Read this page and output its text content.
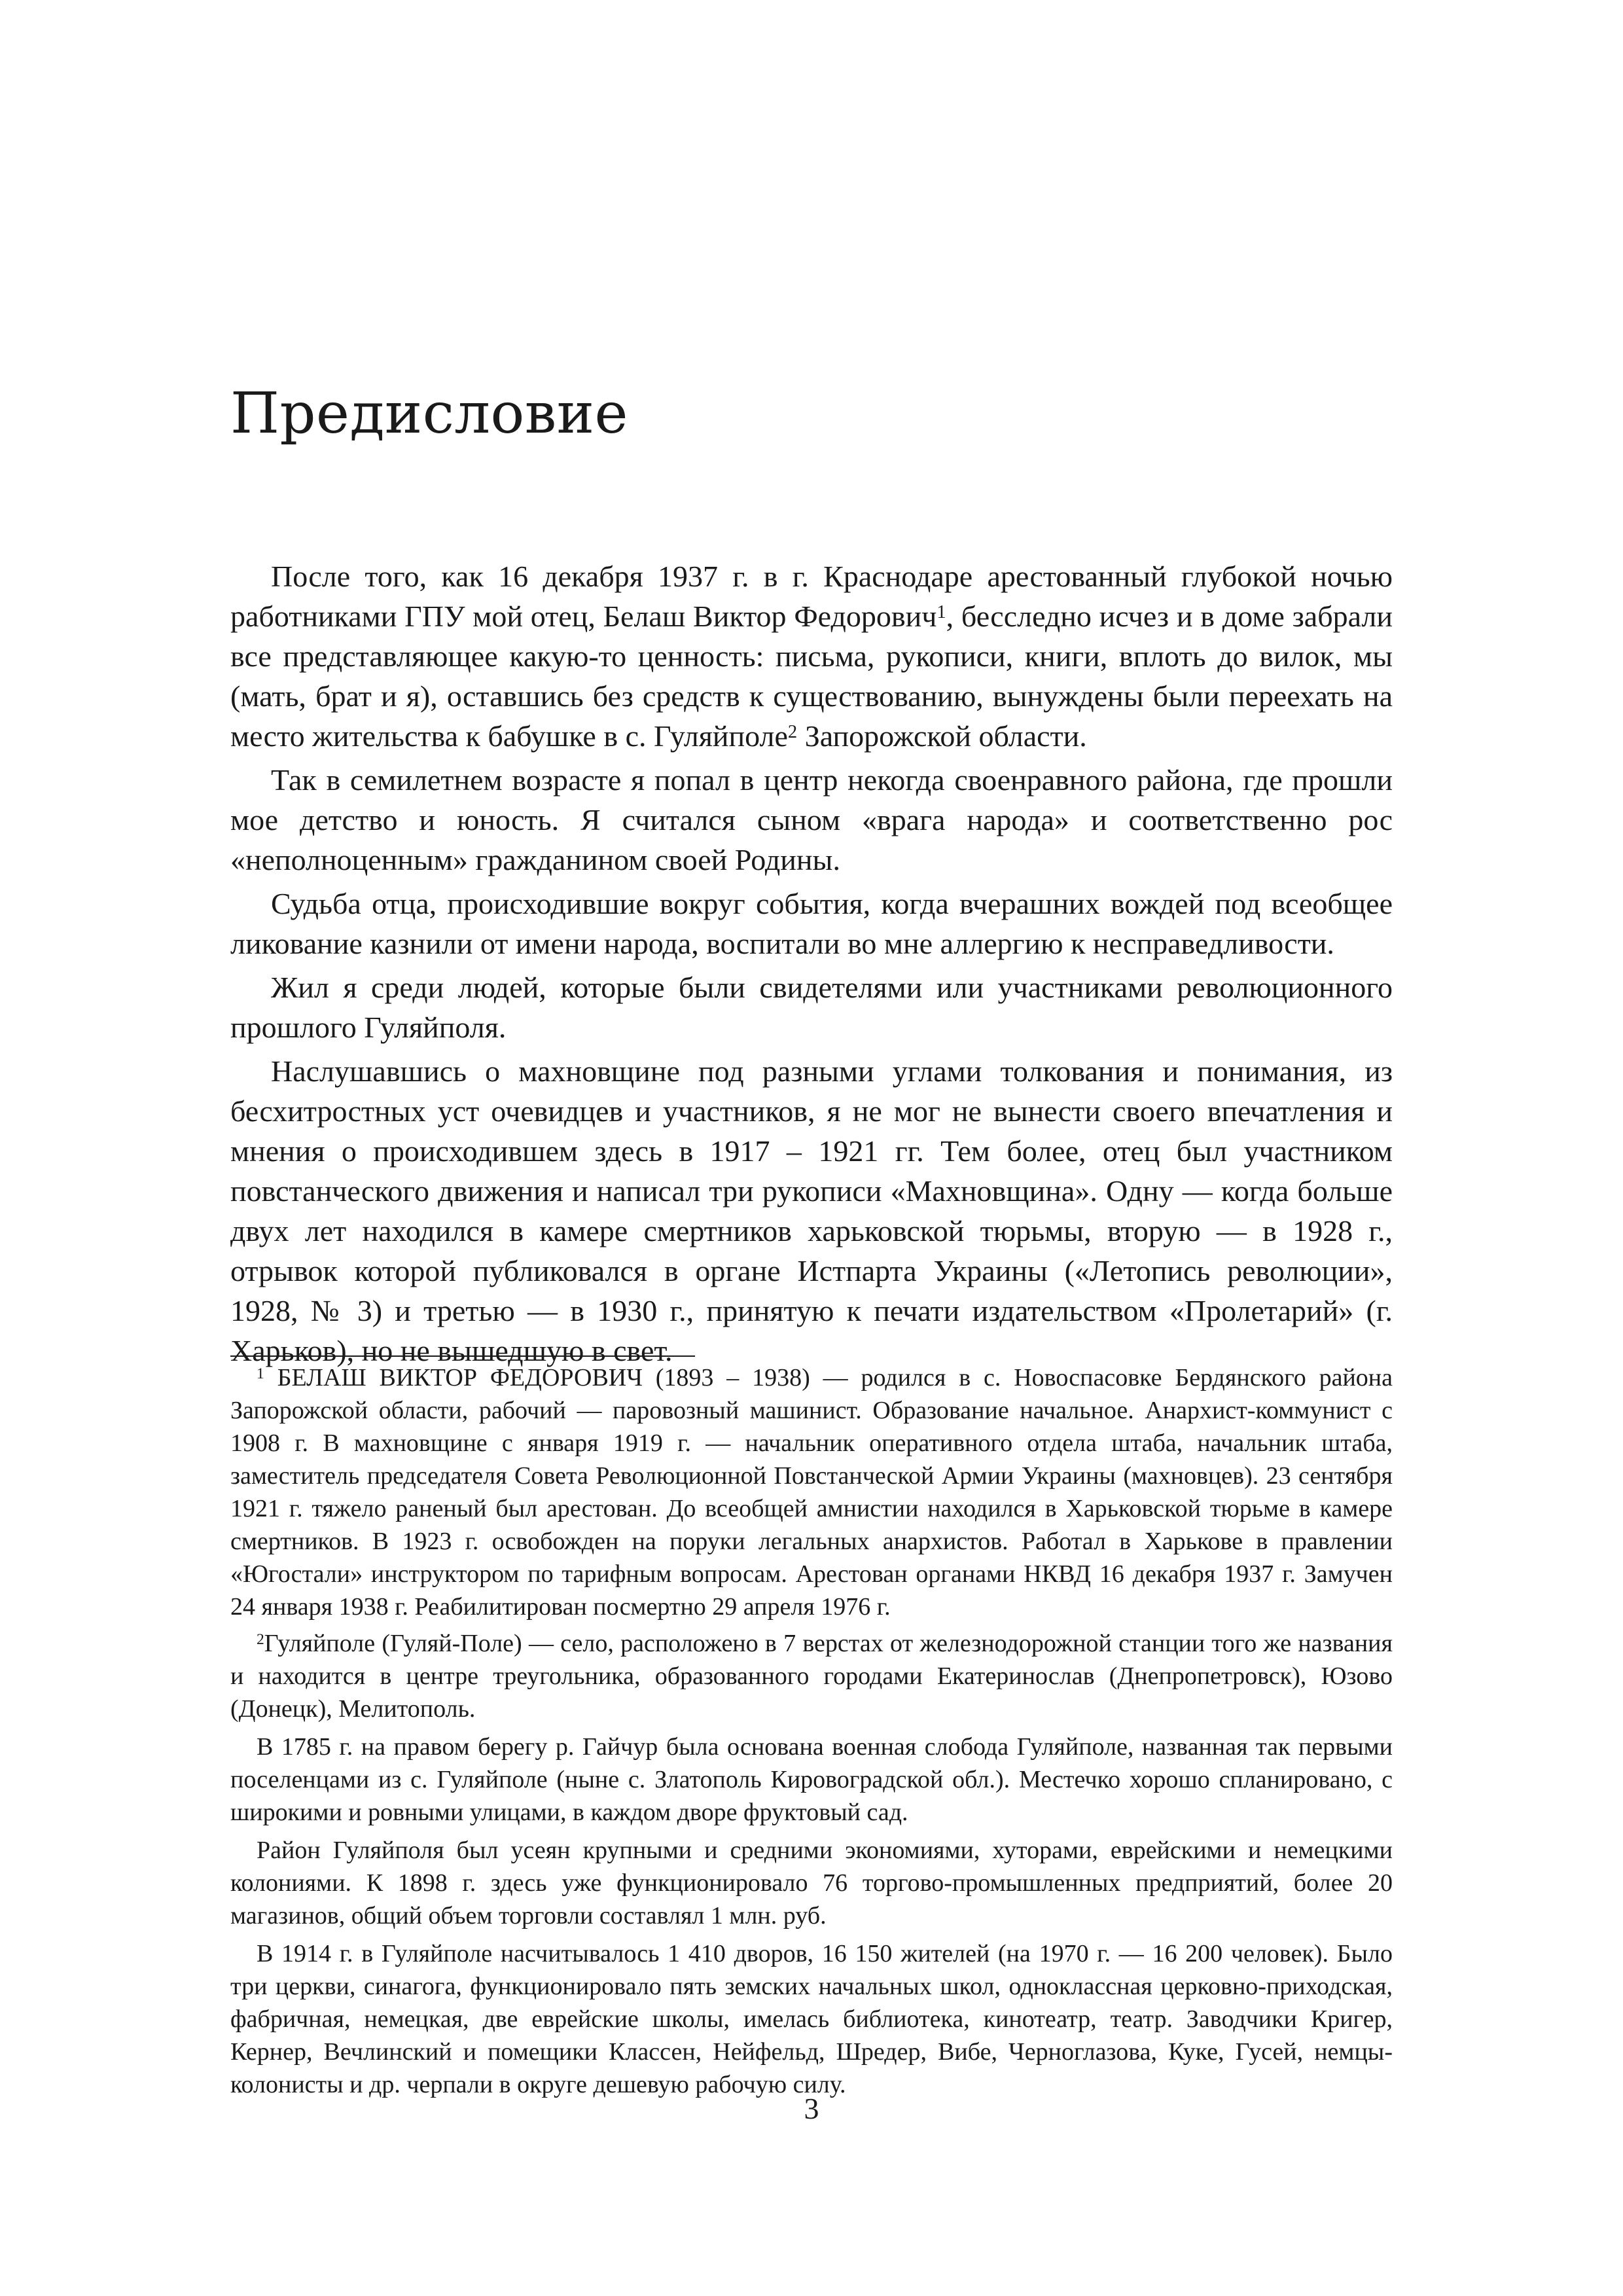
Предисловие

После того, как 16 декабря 1937 г. в г. Краснодаре арестованный глубокой ночью работниками ГПУ мой отец, Белаш Виктор Федорович$^1$, бесследно исчез и в доме забрали все представляющее какую-то ценность: письма, рукописи, книги, вплоть до вилок, мы (мать, брат и я), оставшись без средств к существованию, вынуждены были переехать на место жительства к бабушке в с. Гуляйполе$^2$ Запорожской области.

Так в семилетнем возрасте я попал в центр некогда своенравного района, где прошли мое детство и юность. Я считался сыном «врага народа» и соответственно рос «неполноценным» гражданином своей Родины.

Судьба отца, происходившие вокруг события, когда вчерашних вождей под всеобщее ликование казнили от имени народа, воспитали во мне аллергию к несправедливости.

Жил я среди людей, которые были свидетелями или участниками революционного прошлого Гуляйполя.

Наслушавшись о махновщине под разными углами толкования и понимания, из бесхитростных уст очевидцев и участников, я не мог не вынести своего впечатления и мнения о происходившем здесь в 1917 – 1921 гг. Тем более, отец был участником повстанческого движения и написал три рукописи «Махновщина». Одну — когда больше двух лет находился в камере смертников харьковской тюрьмы, вторую — в 1928 г., отрывок которой публиковался в органе Истпарта Украины («Летопись революции», 1928, № 3) и третью — в 1930 г., принятую к печати издательством «Пролетарий» (г. Харьков), но не вышедшую в свет.

$^1$ БЕЛАШ ВИКТОР ФЕДОРОВИЧ (1893 – 1938) — родился в с. Новоспасовке Бердянского района Запорожской области, рабочий — паровозный машинист. Образование начальное. Анархист-коммунист с 1908 г. В махновщине с января 1919 г. — начальник оперативного отдела штаба, начальник штаба, заместитель председателя Совета Революционной Повстанческой Армии Украины (махновцев). 23 сентября 1921 г. тяжело раненый был арестован. До всеобщей амнистии находился в Харьковской тюрьме в камере смертников. В 1923 г. освобожден на поруки легальных анархистов. Работал в Харькове в правлении «Югостали» инструктором по тарифным вопросам. Арестован органами НКВД 16 декабря 1937 г. Замучен 24 января 1938 г. Реабилитирован посмертно 29 апреля 1976 г.

$^2$Гуляйполе (Гуляй-Поле) — село, расположено в 7 верстах от железнодорожной станции того же названия и находится в центре треугольника, образованного городами Екатеринослав (Днепропетровск), Юзово (Донецк), Мелитополь.

В 1785 г. на правом берегу р. Гайчур была основана военная слобода Гуляйполе, названная так первыми поселенцами из с. Гуляйполе (ныне с. Златополь Кировоградской обл.). Местечко хорошо спланировано, с широкими и ровными улицами, в каждом дворе фруктовый сад.

Район Гуляйполя был усеян крупными и средними экономиями, хуторами, еврейскими и немецкими колониями. К 1898 г. здесь уже функционировало 76 торгово-промышленных предприятий, более 20 магазинов, общий объем торговли составлял 1 млн. руб.

В 1914 г. в Гуляйполе насчитывалось 1 410 дворов, 16 150 жителей (на 1970 г. — 16 200 человек). Было три церкви, синагога, функционировало пять земских начальных школ, одноклассная церковно-приходская, фабричная, немецкая, две еврейские школы, имелась библиотека, кинотеатр, театр. Заводчики Кригер, Кернер, Вечлинский и помещики Классен, Нейфельд, Шредер, Вибе, Черноглазова, Куке, Гусей, немцы-колонисты и др. черпали в округе дешевую рабочую силу.

3
